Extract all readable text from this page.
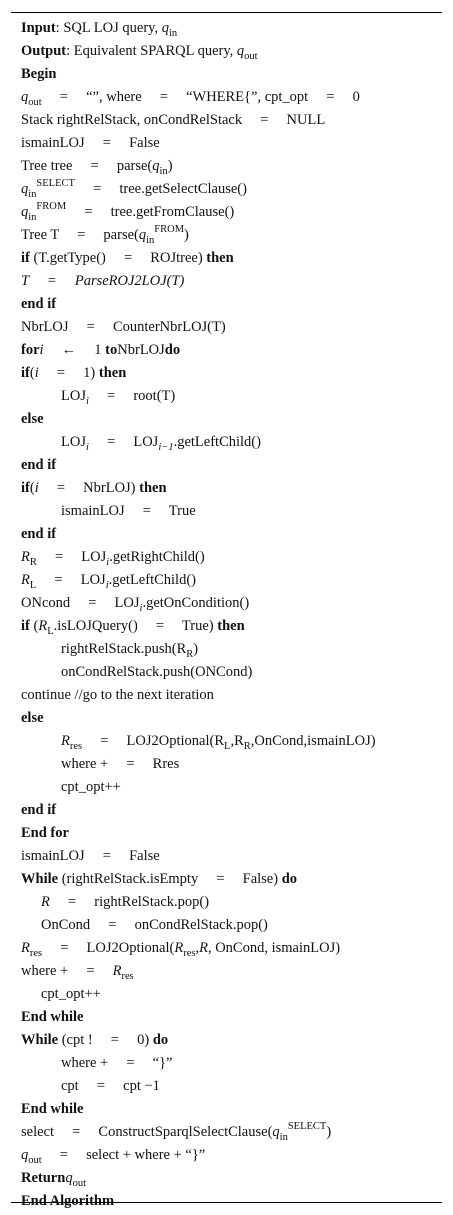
Input: SQL LOJ query, $q_{in}$
Output: Equivalent SPARQL query, $q_{out}$
Begin
$q_{out}$     =     “”, where     =     “WHERE{”, cpt_opt     =     0
Stack rightRelStack, onCondRelStack     =     NULL
ismainLOJ     =     False
Tree tree     =     $parse(q_{in})$
$q_{in}^{SELECT}$     =     tree.getSelectClause()
$q_{in}^{FROM}$     =     tree.getFromClause()
Tree T     =     $parse(q_{in}^{FROM})$
if (T.getType()     =     ROJtree) then
T     =     ParseROJ2LOJ(T)
end if
NbrLOJ     =     CounterNbrLOJ(T)
fori     ←     1 toNbrLOJdo
if(i     =     1) then
$LOJ_i$     =     root(T)
else
$LOJ_i$     =     $LOJ_{i-1}.getLeftChild()$
end if
if(i     =     NbrLOJ) then
ismainLOJ     =     True
end if
$R_R$     =     $LOJ_i.getRightChild()$
$R_L$     =     $LOJ_i.getLeftChild()$
ONcond     =     $LOJ_i.getOnCondition()$
if ($R_L.isLOJQuery()$     =     True) then
$rightRelStack.push(R_R)$
onCondRelStack.push(ONCond)
continue //go to the next iteration
else
$R_{res}$     =     $LOJ2Optional(R_L,R_R,OnCond,ismainLOJ)$
where +     =     Rres
cpt_opt++
end if
End for
ismainLOJ     =     False
While (rightRelStack.isEmpty     =     False) do
R     =     rightRelStack.pop()
OnCond     =     onCondRelStack.pop()
$R_{res}$     =     $LOJ2Optional(R_{res},R$, OnCond, ismainLOJ)
where +     =     $R_{res}$
cpt_opt++
End while
While (cpt !     =     0) do
where +     =     “}”
cpt     =     cpt −1
End while
select     =     $ConstructSparqlSelectClause(q_{in}^{SELECT})$
$q_{out}$     =     select + where + “}”
Returnq$_{out}$
End Algorithm
